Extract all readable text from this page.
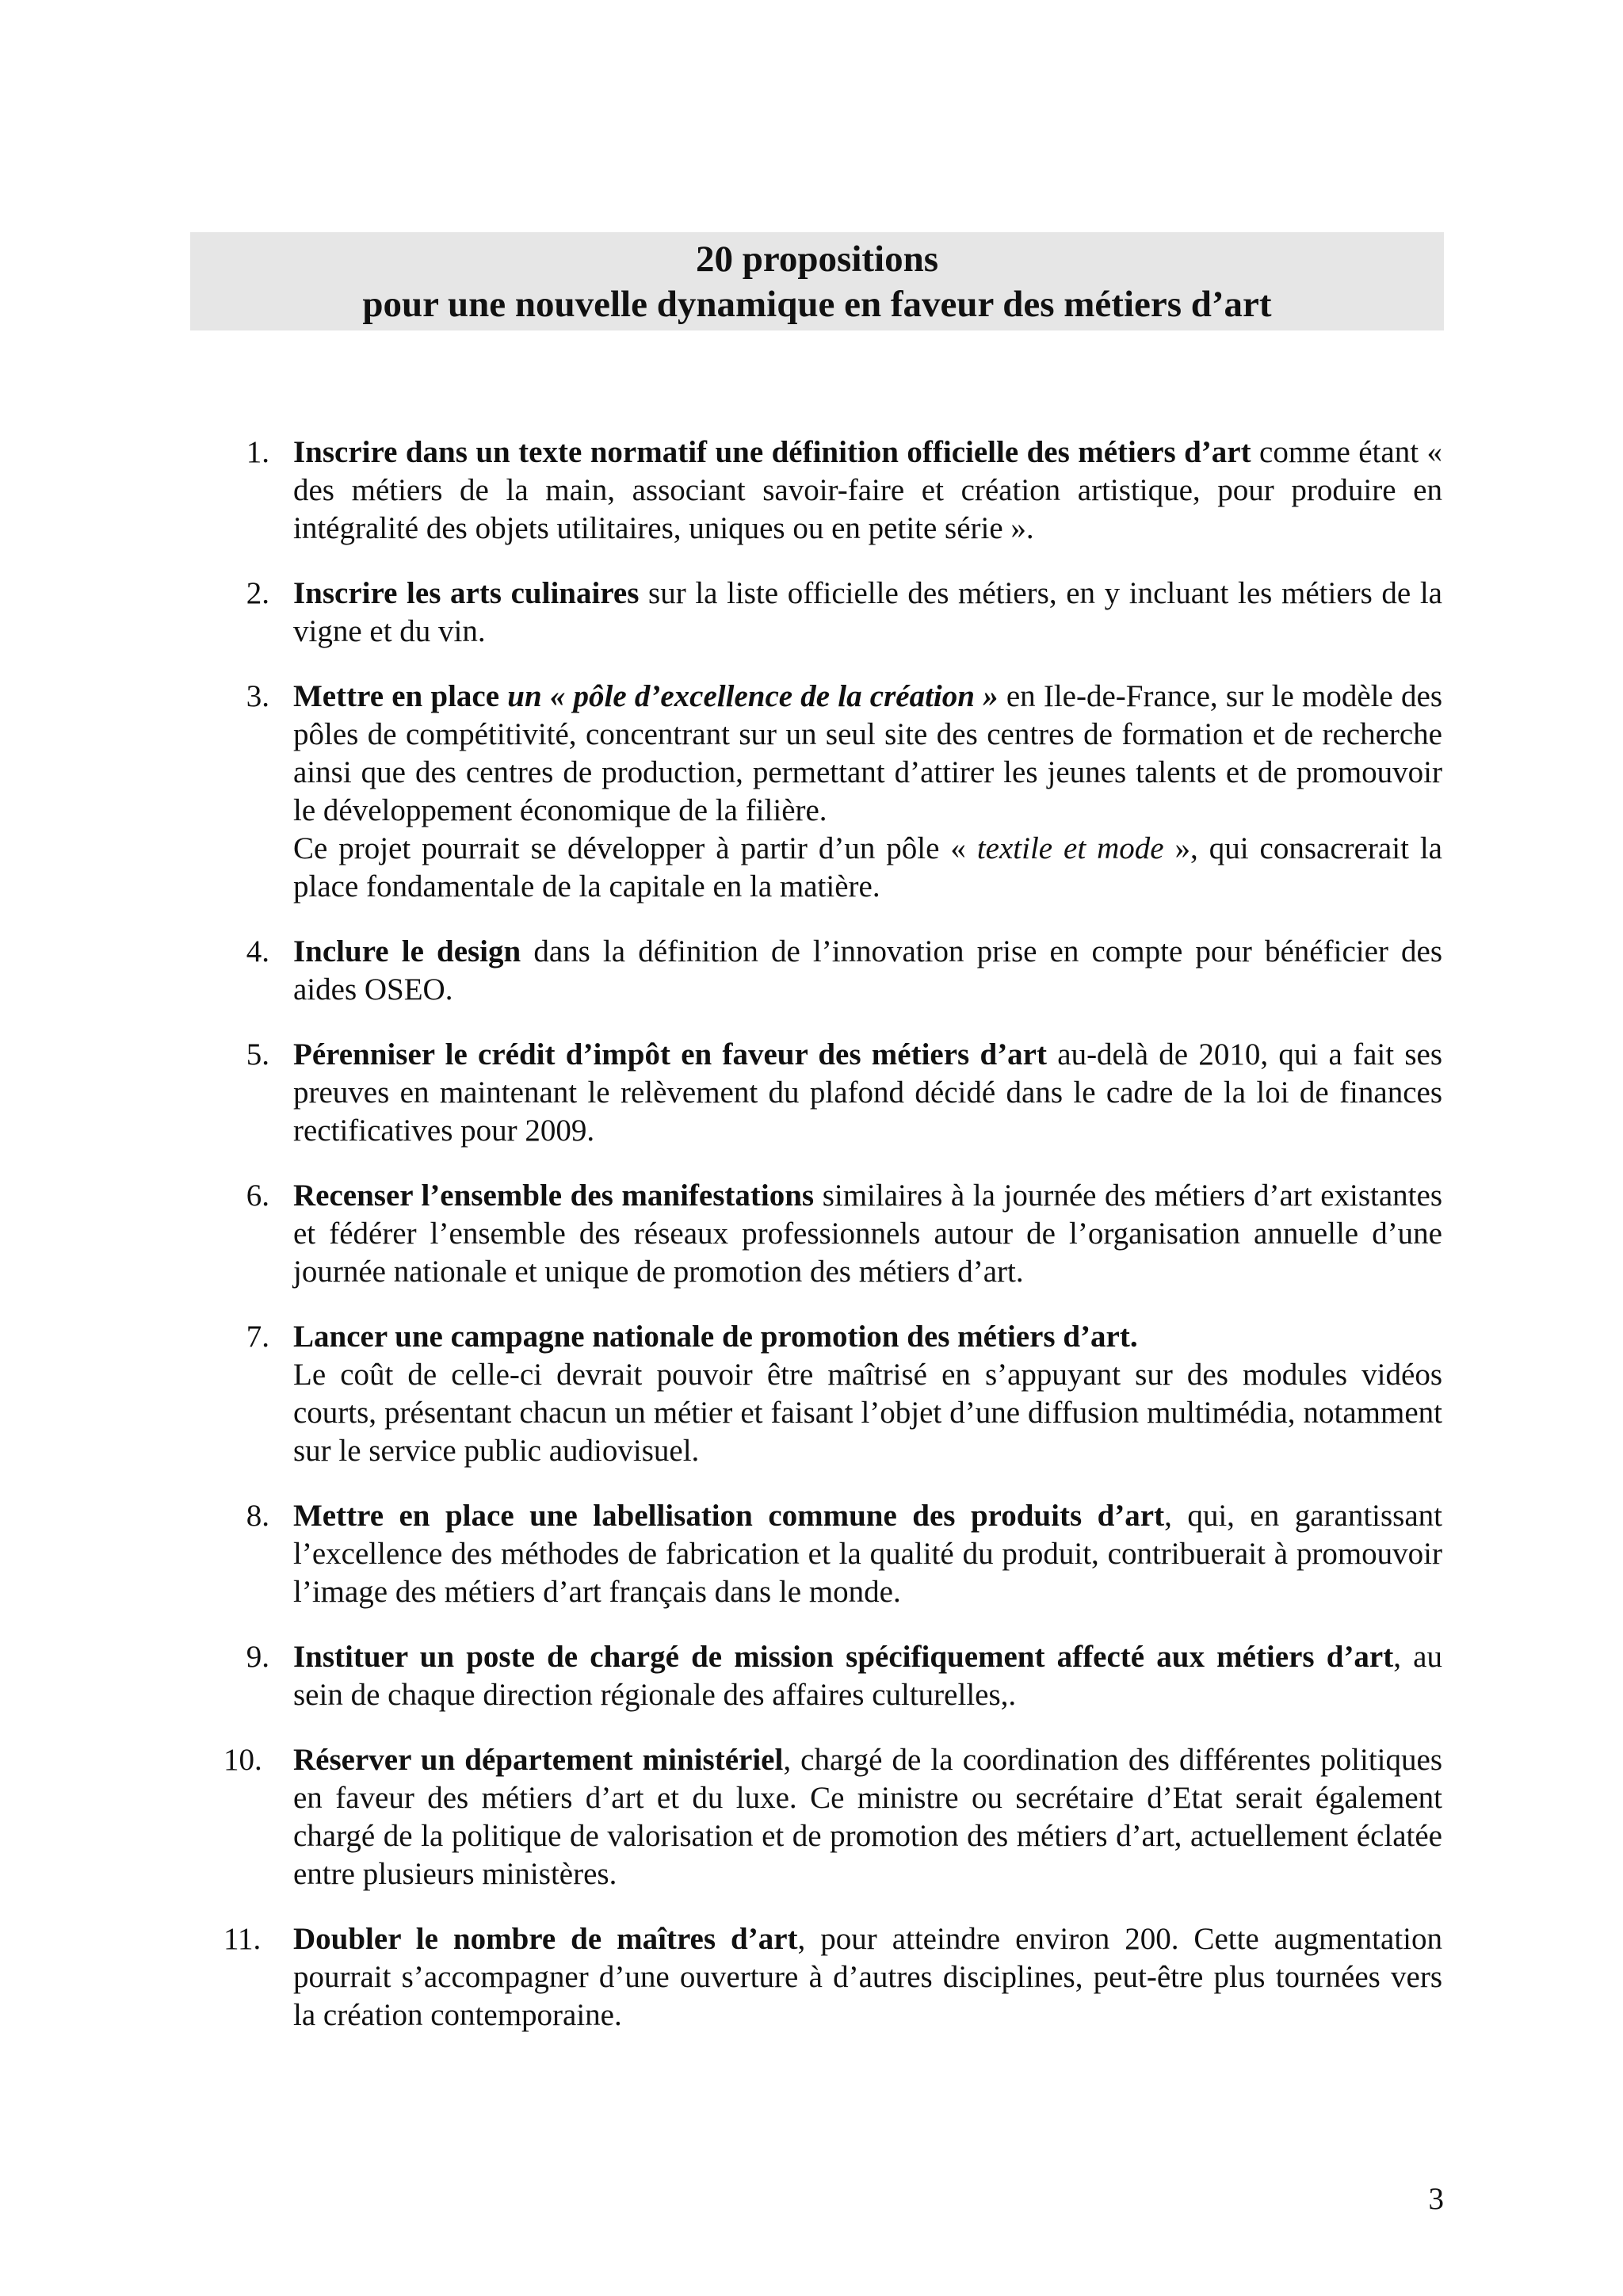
20 propositions
pour une nouvelle dynamique en faveur des métiers d’art
1. Inscrire dans un texte normatif une définition officielle des métiers d’art comme étant « des métiers de la main, associant savoir-faire et création artistique, pour produire en intégralité des objets utilitaires, uniques ou en petite série ».
2. Inscrire les arts culinaires sur la liste officielle des métiers, en y incluant les métiers de la vigne et du vin.
3. Mettre en place un « pôle d’excellence de la création » en Ile-de-France, sur le modèle des pôles de compétitivité, concentrant sur un seul site des centres de formation et de recherche ainsi que des centres de production, permettant d’attirer les jeunes talents et de promouvoir le développement économique de la filière.
Ce projet pourrait se développer à partir d’un pôle « textile et mode », qui consacrerait la place fondamentale de la capitale en la matière.
4. Inclure le design dans la définition de l’innovation prise en compte pour bénéficier des aides OSEO.
5. Pérenniser le crédit d’impôt en faveur des métiers d’art au-delà de 2010, qui a fait ses preuves en maintenant le relèvement du plafond décidé dans le cadre de la loi de finances rectificatives pour 2009.
6. Recenser l’ensemble des manifestations similaires à la journée des métiers d’art existantes et fédérer l’ensemble des réseaux professionnels autour de l’organisation annuelle d’une journée nationale et unique de promotion des métiers d’art.
7. Lancer une campagne nationale de promotion des métiers d’art.
Le coût de celle-ci devrait pouvoir être maîtrisé en s’appuyant sur des modules vidéos courts, présentant chacun un métier et faisant l’objet d’une diffusion multimédia, notamment sur le service public audiovisuel.
8. Mettre en place une labellisation commune des produits d’art, qui, en garantissant l’excellence des méthodes de fabrication et la qualité du produit, contribuerait à promouvoir l’image des métiers d’art français dans le monde.
9. Instituer un poste de chargé de mission spécifiquement affecté aux métiers d’art, au sein de chaque direction régionale des affaires culturelles,.
10.	Réserver un département ministériel, chargé de la coordination des différentes politiques en faveur des métiers d’art et du luxe. Ce ministre ou secrétaire d’Etat serait également chargé de la politique de valorisation et de promotion des métiers d’art, actuellement éclatée entre plusieurs ministères.
11.	Doubler le nombre de maîtres d’art, pour atteindre environ 200. Cette augmentation pourrait s’accompagner d’une ouverture à d’autres disciplines, peut-être plus tournées vers la création contemporaine.
3
